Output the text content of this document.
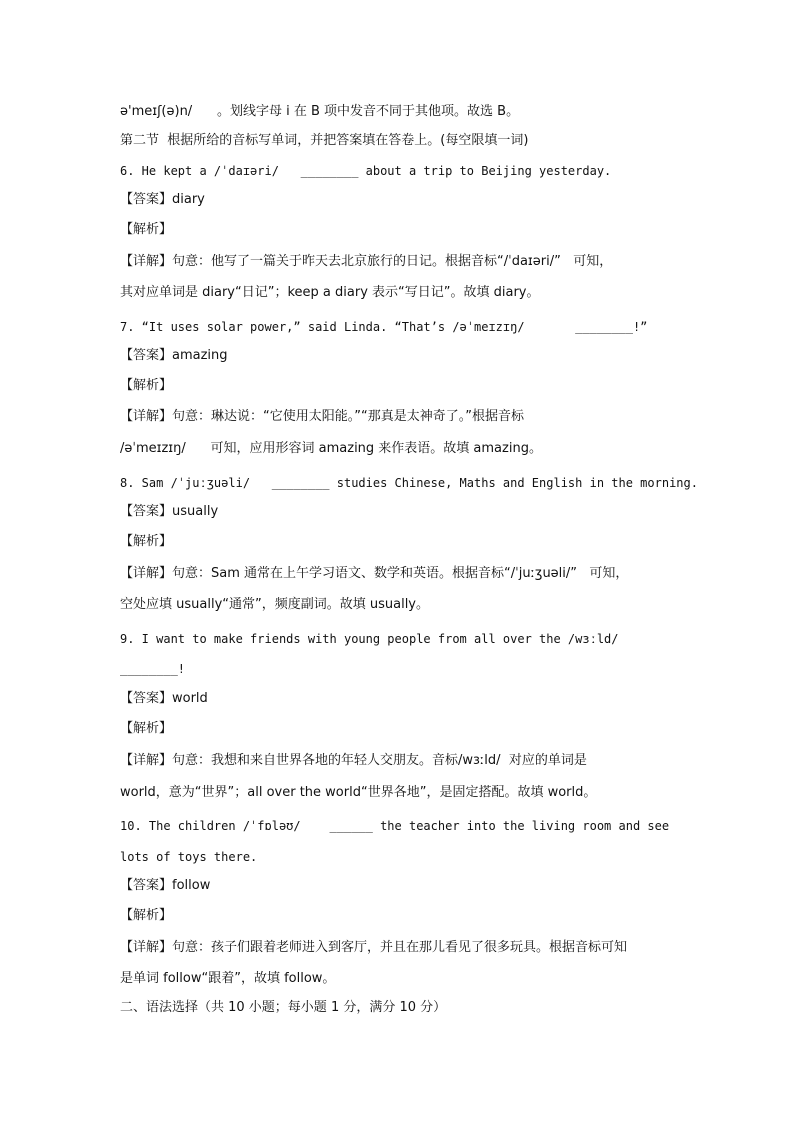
ə'meɪʃ(ə)n/      。划线字母 i 在 B 项中发音不同于其他项。故选 B。
第二节  根据所给的音标写单词，并把答案填在答卷上。(每空限填一词)
6. He kept a /ˈdaɪəri/   ________ about a trip to Beijing yesterday.
【答案】diary
【解析】
【详解】句意：他写了一篇关于昨天去北京旅行的日记。根据音标“/ˈdaɪəri/”   可知，
其对应单词是 diary“日记”；keep a diary 表示“写日记”。故填 diary。
7. “It uses solar power,” said Linda. “That’s /əˈmeɪzɪŋ/       ________!”
【答案】amazing
【解析】
【详解】句意：琳达说：“它使用太阳能。”“那真是太神奇了。”根据音标
/əˈmeɪzɪŋ/      可知，应用形容词 amazing 来作表语。故填 amazing。
8. Sam /ˈjuːʒuəli/   ________ studies Chinese, Maths and English in the morning.
【答案】usually
【解析】
【详解】句意：Sam 通常在上午学习语文、数学和英语。根据音标“/ˈjuːʒuəli/”   可知，
空处应填 usually“通常”，频度副词。故填 usually。
9. I want to make friends with young people from all over the /wɜːld/
________!
【答案】world
【解析】
【详解】句意：我想和来自世界各地的年轻人交朋友。音标/wɜːld/  对应的单词是
world，意为“世界”；all over the world“世界各地”，是固定搭配。故填 world。
10. The children /ˈfɒləʊ/    ______ the teacher into the living room and see
lots of toys there.
【答案】follow
【解析】
【详解】句意：孩子们跟着老师进入到客厅，并且在那儿看见了很多玩具。根据音标可知
是单词 follow“跟着”，故填 follow。
二、语法选择（共 10 小题；每小题 1 分，满分 10 分）
